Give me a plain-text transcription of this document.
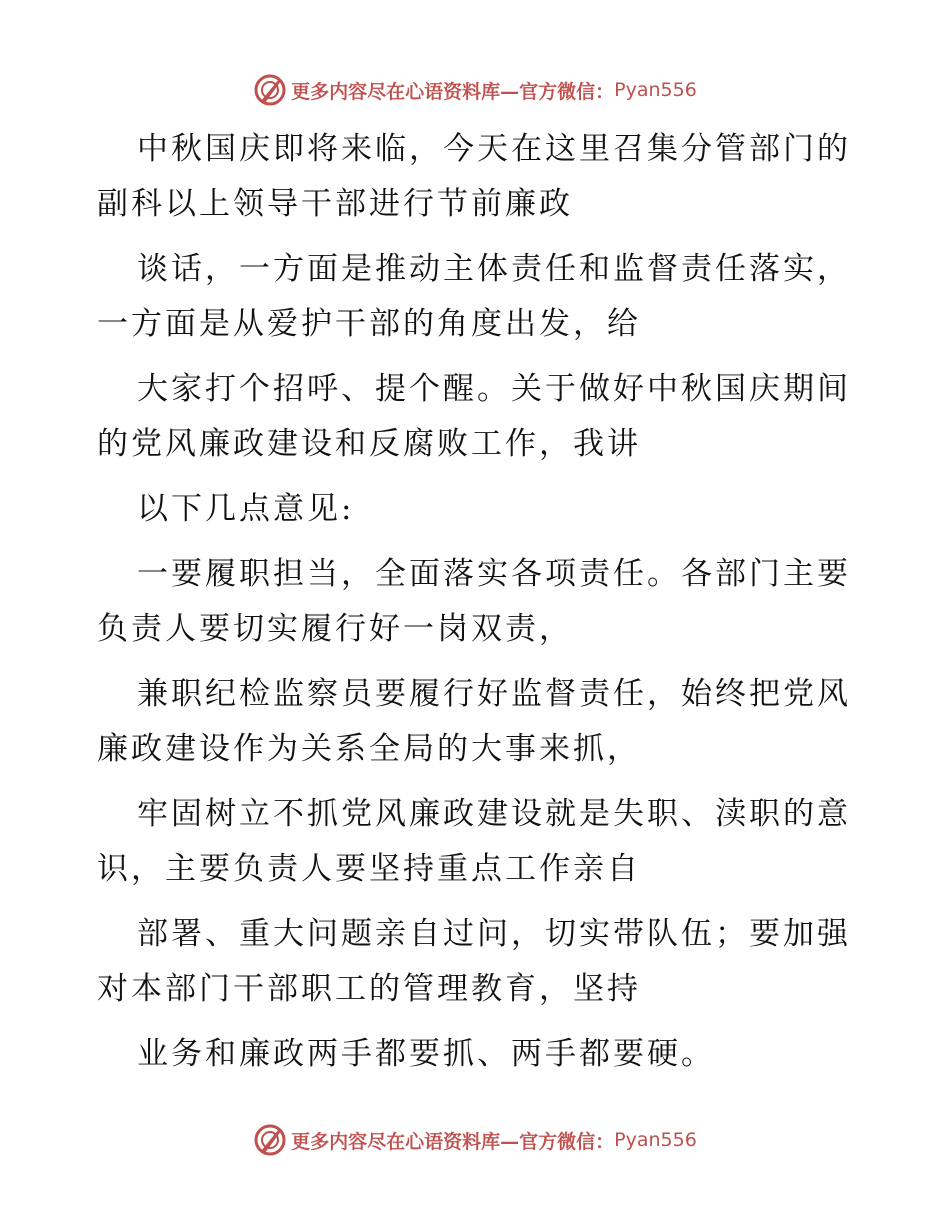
更多内容尽在心语资料库—官方微信： Pyan556
中秋国庆即将来临，今天在这里召集分管部门的
副科以上领导干部进行节前廉政
谈话，一方面是推动主体责任和监督责任落实，
一方面是从爱护干部的角度出发，给
大家打个招呼、提个醒。关于做好中秋国庆期间
的党风廉政建设和反腐败工作，我讲
以下几点意见:
一要履职担当，全面落实各项责任。各部门主要
负责人要切实履行好一岗双责，
兼职纪检监察员要履行好监督责任，始终把党风
廉政建设作为关系全局的大事来抓，
牢固树立不抓党风廉政建设就是失职、渎职的意
识，主要负责人要坚持重点工作亲自
部署、重大问题亲自过问，切实带队伍；要加强
对本部门干部职工的管理教育，坚持
业务和廉政两手都要抓、两手都要硬。
更多内容尽在心语资料库—官方微信： Pyan556
